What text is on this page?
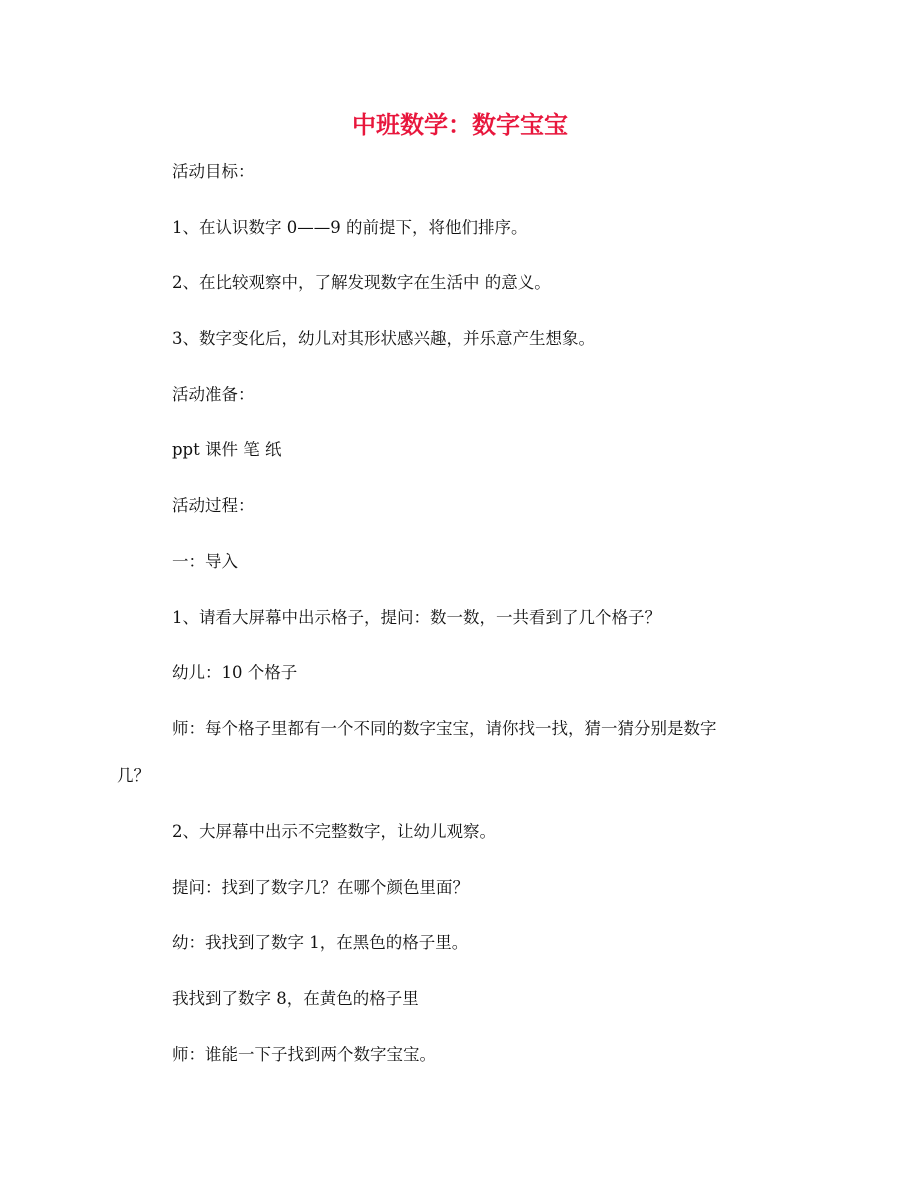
中班数学：数字宝宝

活动目标：

1、在认识数字 0——9 的前提下，将他们排序。

2、在比较观察中，了解发现数字在生活中 的意义。

3、数字变化后，幼儿对其形状感兴趣，并乐意产生想象。

活动准备：

ppt 课件 笔 纸

活动过程：

一：导入

1、请看大屏幕中出示格子，提问：数一数，一共看到了几个格子？

幼儿：10 个格子

师：每个格子里都有一个不同的数字宝宝，请你找一找，猜一猜分别是数字

几？

2、大屏幕中出示不完整数字，让幼儿观察。

提问：找到了数字几？在哪个颜色里面？

幼：我找到了数字 1，在黑色的格子里。

我找到了数字 8，在黄色的格子里

师：谁能一下子找到两个数字宝宝。
